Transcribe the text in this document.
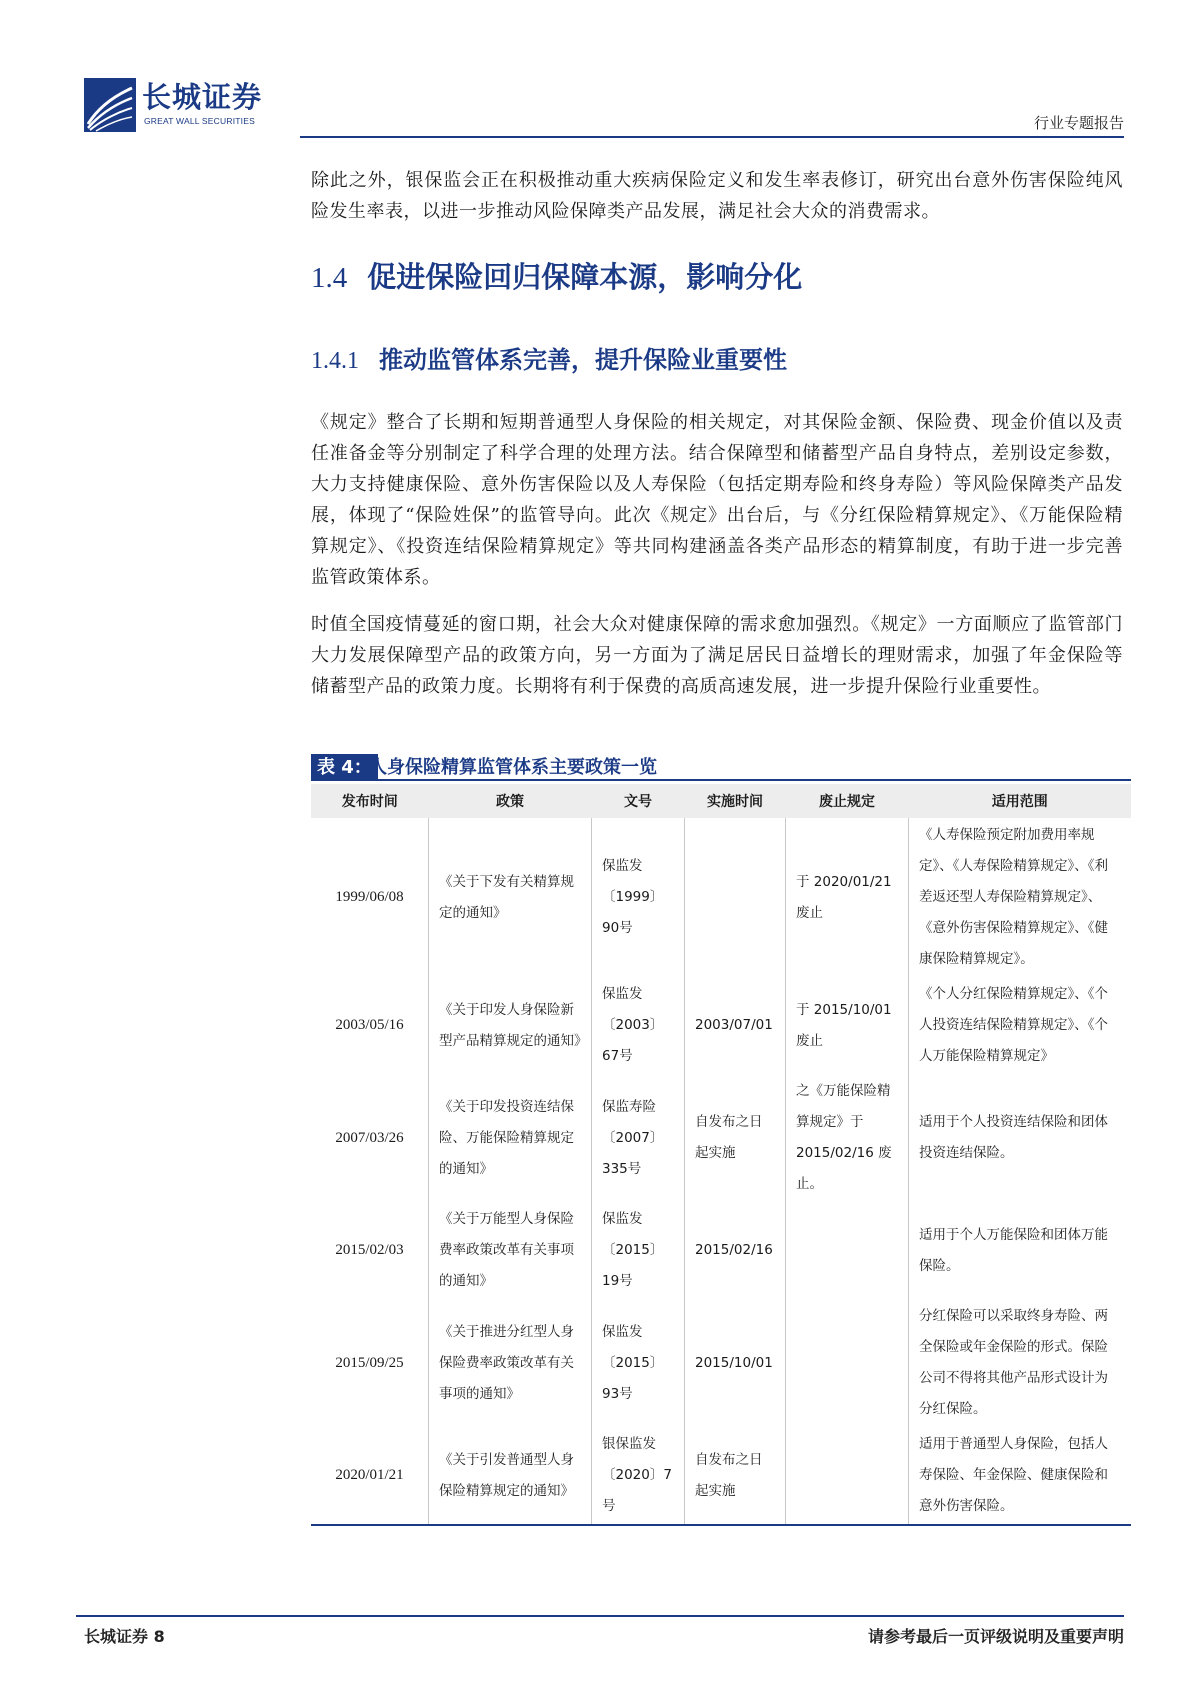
长城证券
GREAT WALL SECURITIES	行业专题报告

除此之外，银保监会正在积极推动重大疾病保险定义和发生率表修订，研究出台意外伤害保险纯风险发生率表，以进一步推动风险保障类产品发展，满足社会大众的消费需求。

1.4 促进保险回归保障本源，影响分化
1.4.1 推动监管体系完善，提升保险业重要性

《规定》整合了长期和短期普通型人身保险的相关规定，对其保险金额、保险费、现金价值以及责任准备金等分别制定了科学合理的处理方法。结合保障型和储蓄型产品自身特点，差别设定参数，大力支持健康保险、意外伤害保险以及人寿保险（包括定期寿险和终身寿险）等风险保障类产品发展，体现了“保险姓保”的监管导向。此次《规定》出台后，与《分红保险精算规定》、《万能保险精算规定》、《投资连结保险精算规定》等共同构建涵盖各类产品形态的精算制度，有助于进一步完善监管政策体系。

时值全国疫情蔓延的窗口期，社会大众对健康保障的需求愈加强烈。《规定》一方面顺应了监管部门大力发展保障型产品的政策方向，另一方面为了满足居民日益增长的理财需求，加强了年金保险等储蓄型产品的政策力度。长期将有利于保费的高质高速发展，进一步提升保险行业重要性。

表 4：
人身保险精算监管体系主要政策一览
发布时间	政策	文号	实施时间	废止规定	适用范围
1999/06/08	《关于下发有关精算规定的通知》	保监发〔1999〕90号		于 2020/01/21 废止	《人寿保险预定附加费用率规定》、《人寿保险精算规定》、《利差返还型人寿保险精算规定》、《意外伤害保险精算规定》、《健康保险精算规定》。
2003/05/16	《关于印发人身保险新型产品精算规定的通知》	保监发〔2003〕67号	2003/07/01	于 2015/10/01 废止	《个人分红保险精算规定》、《个人投资连结保险精算规定》、《个人万能保险精算规定》
2007/03/26	《关于印发投资连结保险、万能保险精算规定的通知》	保监寿险〔2007〕335号	自发布之日起实施	之《万能保险精算规定》于 2015/02/16 废止。	适用于个人投资连结保险和团体投资连结保险。
2015/02/03	《关于万能型人身保险费率政策改革有关事项的通知》	保监发〔2015〕19号	2015/02/16		适用于个人万能保险和团体万能保险。
2015/09/25	《关于推进分红型人身保险费率政策改革有关事项的通知》	保监发〔2015〕93号	2015/10/01		分红保险可以采取终身寿险、两全保险或年金保险的形式。保险公司不得将其他产品形式设计为分红保险。
2020/01/21	《关于引发普通型人身保险精算规定的通知》	银保监发〔2020〕7号	自发布之日起实施		适用于普通型人身保险，包括人寿保险、年金保险、健康保险和意外伤害保险。
长城证券 8	请参考最后一页评级说明及重要声明
